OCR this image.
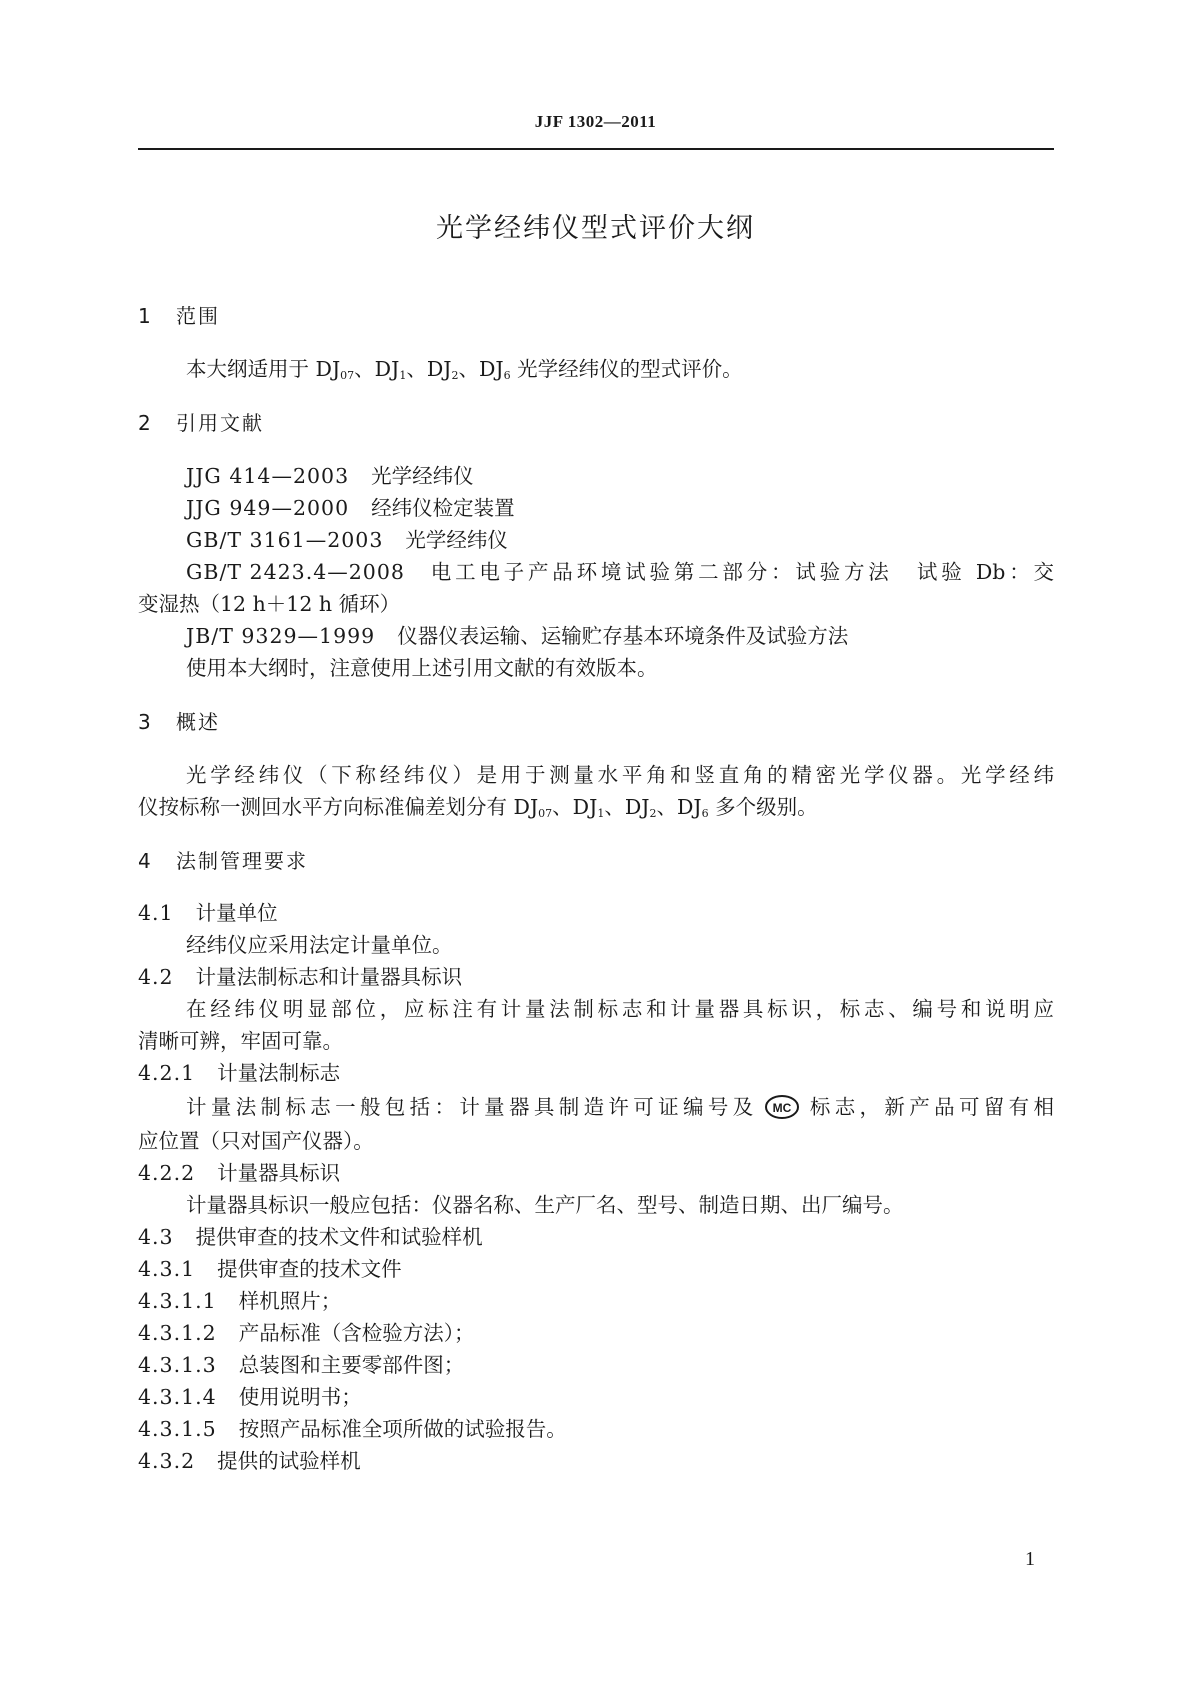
JJF 1302—2011
光学经纬仪型式评价大纲
1 范围
本大纲适用于 $DJ_{07}$、$DJ_1$、$DJ_2$、$DJ_6$ 光学经纬仪的型式评价。
2 引用文献
JJG 414—2003 光学经纬仪
JJG 949—2000 经纬仪检定装置
GB/T 3161—2003 光学经纬仪
GB/T 2423.4—2008 电工电子产品环境试验第二部分：试验方法　试验 Db：交
变湿热（12 h＋12 h 循环）
JB/T 9329—1999 仪器仪表运输、运输贮存基本环境条件及试验方法
使用本大纲时，注意使用上述引用文献的有效版本。
3 概述
光学经纬仪（下称经纬仪）是用于测量水平角和竖直角的精密光学仪器。光学经纬
仪按标称一测回水平方向标准偏差划分有 $DJ_{07}$、$DJ_1$、$DJ_2$、$DJ_6$ 多个级别。
4 法制管理要求
4.1 计量单位
经纬仪应采用法定计量单位。
4.2 计量法制标志和计量器具标识
在经纬仪明显部位，应标注有计量法制标志和计量器具标识，标志、编号和说明应
清晰可辨，牢固可靠。
4.2.1 计量法制标志
计量法制标志一般包括：计量器具制造许可证编号及 MC 标志，新产品可留有相
应位置（只对国产仪器）。
4.2.2 计量器具标识
计量器具标识一般应包括：仪器名称、生产厂名、型号、制造日期、出厂编号。
4.3 提供审查的技术文件和试验样机
4.3.1 提供审查的技术文件
4.3.1.1 样机照片；
4.3.1.2 产品标准（含检验方法）；
4.3.1.3 总装图和主要零部件图；
4.3.1.4 使用说明书；
4.3.1.5 按照产品标准全项所做的试验报告。
4.3.2 提供的试验样机
1
